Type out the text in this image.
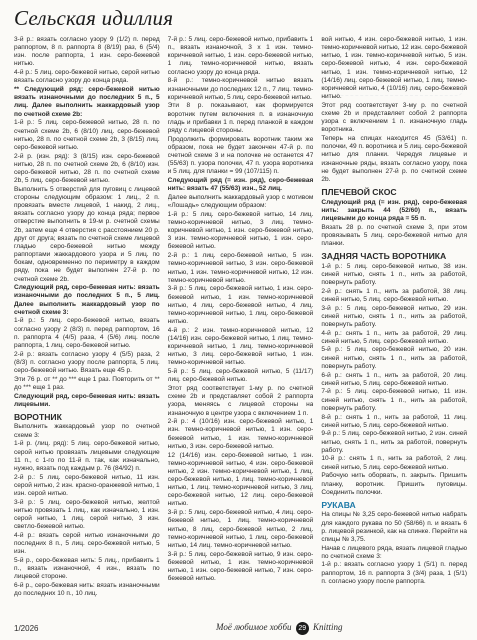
Сельская идиллия

3-й р.: вязать согласно узору 9 (1/2) п. перед раппортом, 8 п. раппорта 8 (8/19) раз, 6 (5/4) изн. после раппорта, 1 изн. серо-бежевой нитью.

4-й р.: 5 лиц. серо-бежевой нитью, серой нитью вязать согласно узору до конца ряда.

** Следующий ряд: серо-бежевой нитью вязать изнаночными до последних 5 п., 5 лиц. Далее выполнить жаккардовый узор по счетной схеме 2b:

1-й р.: 5 лиц. серо-бежевой нитью, 28 п. по счетной схеме 2b, 6 (8/10) лиц. серо-бежевой нитью, 28 п. по счетной схеме 2b, 3 (8/15) лиц. серо-бежевой нитью.

2-й р. (изн. ряд): 3 (8/15) изн. серо-бежевой нитью, 28 п. по счетной схеме 2b, 6 (8/10) изн. серо-бежевой нитью, 28 п. по счетной схеме 2b, 5 лиц. серо-бежевой нитью.

Выполнить 5 отверстий для пуговиц с лицевой стороны следующим образом: 1 лиц., 2 п. провязать вместе лицевой, 1 накид, 2 лиц., вязать согласно узору до конца ряда; первое отверстие выполнить в 19-м р. счетной схемы 2b, затем еще 4 отверстия с расстоянием 20 р. друг от друга; вязать по счетной схеме лицевой гладью серо-бежевой нитью между раппортами жаккардового узора и 5 лиц. по бокам, одновременно по периметру в каждом ряду, пока не будет выполнен 27-й р. по счетной схеме 2b.

Следующий ряд, серо-бежевая нить: вязать изнаночными до последних 5 п., 5 лиц. Далее выполнить жаккардовый узор по счетной схеме 3:

1-й р.: 5 лиц. серо-бежевой нитью, вязать согласно узору 2 (8/3) п. перед раппортом, 16 п. раппорта 4 (4/5) раза, 4 (5/6) лиц. после раппорта, 1 лиц. серо-бежевой нитью.

2-й р.: вязать согласно узору 4 (5/5) раза, 2 (8/3) п. согласно узору после раппорта, 5 лиц. серо-бежевой нитью. Вязать еще 45 р.

Эти 76 р. от ** до *** еще 1 раз. Повторить от ** до *** еще 1 раз.

Следующий ряд, серо-бежевая нить: вязать лицевыми.

ВОРОТНИК

Выполнить жаккардовый узор по счетной схеме 3:

1-й р. (лиц. ряд): 5 лиц. серо-бежевой нитью, серой нитью провязать лицевыми следующие 11 п., с 1-го по 11-й п. так, как изначально, нужно, вязать под каждым р. 76 (84/92) п.

2-й р.: 5 лиц. серо-бежевой нитью, 11 изн. серой нитью, 2 изн. красно-оранжевой нитью, 1 изн. серой нитью.

3-й р.: 5 лиц. серо-бежевой нитью, желтой нитью провязать 1 лиц., как изначально, 1 изн. серой нитью, 1 лиц. серой нитью, 3 изн. светло-бежевой нитью.

4-й р.: вязать серой нитью изнаночными до последних 8 п., 5 лиц. серо-бежевой нитью, 5 изн.

5-й р., серо-бежевая нить: 5 лиц., прибавить 1 п., вязать изнаночной, 4 изн., вязать по лицевой стороне.

6-й р., серо-бежевая нить: вязать изнаночными до последних 10 п., 10 лиц.

7-й р.: 5 лиц. серо-бежевой нитью, прибавить 1 п., вязать изнаночной, 3 х 1 изн. темно-коричневой нитью, 1 изн. серо-бежевой нитью, 1 лиц. темно-коричневой нитью, вязать согласно узору до конца ряда.

8-й р.: темно-коричневой нитью вязать изнаночными до последних 12 п., 7 лиц. темно-коричневой нитью, 5 лиц. серо-бежевой нитью.

Эти 8 р. показывают, как формируется воротник путем включения п. в изнаночную гладь и прибавки 1 п. перед планкой в каждом ряду с лицевой стороны.

Продолжить формировать воротник таким же образом, пока не будет закончен 47-й р. по счетной схеме 3 и на полочке не останется 47 (55/63) п. узора полочки, 47 п. узора воротника и 5 лиц. для планки = 99 (107/115) п.

Следующий ряд (= изн. ряд), серо-бежевая нить: вязать 47 (55/63) изн., 52 лиц.

Далее выполнить жаккардовый узор с мотивом «Лошадь» следующим образом:

1-й р.: 5 лиц. серо-бежевой нитью, 14 лиц. темно-коричневой нитью, 3 лиц. темно-коричневой нитью, 1 изн. серо-бежевой нитью, 3 изн. темно-коричневой нитью, 1 изн. серо-бежевой нитью.

2-й р.: 1 лиц. серо-бежевой нитью, 5 изн. темно-коричневой нитью, 3 изн. серо-бежевой нитью, 1 изн. темно-коричневой нитью, 12 изн. темно-коричневой нитью.

3-й р.: 5 лиц. серо-бежевой нитью, 1 изн. серо-бежевой нитью, 1 изн. темно-коричневой нитью, 4 лиц. серо-бежевой нитью, 4 лиц. темно-коричневой нитью, 1 лиц. серо-бежевой нитью.

4-й р.: 2 изн. темно-коричневой нитью, 12 (14/16) изн. серо-бежевой нитью, 1 лиц. темно-коричневой нитью, 1 лиц. темно-коричневой нитью, 3 лиц. серо-бежевой нитью, 1 изн. темно-коричневой нитью.

5-й р.: 5 лиц. серо-бежевой нитью, 5 (11/17) лиц. серо-бежевой нитью.

Этот ряд соответствует 1-му р. по счетной схеме 2b и представляет собой 2 раппорта узора, меняясь с лицевой стороны на изнаночную в центре узора с включением 1 п.

2-й р.: 4 (10/16) изн. серо-бежевой нитью, 1 изн. темно-коричневой нитью, 1 изн. серо-бежевой нитью, 1 изн. темно-коричневой нитью, 3 изн. серо-бежевой нитью.

12 (14/16) изн. серо-бежевой нитью, 1 изн. темно-коричневой нитью, 4 изн. серо-бежевой нитью, 2 изн. темно-коричневой нитью, 1 лиц. серо-бежевой нитью, 1 лиц. темно-коричневой нитью, 1 лиц. темно-коричневой нитью, 3 лиц. серо-бежевой нитью, 12 лиц. серо-бежевой нитью.

3-й р.: 5 лиц. серо-бежевой нитью, 4 лиц. серо-бежевой нитью, 1 лиц. темно-коричневой нитью, 8 лиц. серо-бежевой нитью, 2 лиц. темно-коричневой нитью, 1 лиц. серо-бежевой нитью, 14 лиц. темно-коричневой нитью.

3-й р.: 5 лиц. серо-бежевой нитью, 9 изн. серо-бежевой нитью, 1 изн. темно-коричневой нитью, 1 изн. серо-бежевой нитью, 7 изн. серо-бежевой нитью.

вой нитью, 4 изн. серо-бежевой нитью, 1 изн. темно-коричневой нитью, 12 изн. серо-бежевой нитью, 1 изн. темно-коричневой нитью, 5 изн. серо-бежевой нитью, 4 изн. серо-бежевой нитью, 1 изн. темно-коричневой нитью, 12 (14/16) лиц. серо-бежевой нитью, 1 лиц. темно-коричневой нитью, 4 (10/16) лиц. серо-бежевой нитью.

Этот ряд соответствует 3-му р. по счетной схеме 2b и представляет собой 2 раппорта узора с включением 1 п. изнаночную гладь воротника.

Теперь на спицах находится 45 (53/61) п. полочки, 49 п. воротника и 5 лиц. серо-бежевой нитью для планки. Чередуя лицевые и изнаночные ряды, вязать согласно узору, пока не будет выполнен 27-й р. по счетной схеме 2b.

ПЛЕЧЕВОЙ СКОС

Следующий ряд (= изн. ряд), серо-бежевая нить: закрыть 44 (52/60) п., вязать лицевыми до конца ряда = 55 п.

Вязать 28 р. по счетной схеме 3, при этом провязывать 5 лиц. серо-бежевой нитью для планки.

ЗАДНЯЯ ЧАСТЬ ВОРОТНИКА

1-й р.: 5 лиц. серо-бежевой нитью, 38 изн. синей нитью, снять 1 п., нить за работой, повернуть работу.

2-й р.: снять 1 п., нить за работой, 38 лиц. синей нитью, 5 лиц. серо-бежевой нитью.

3-й р.: 5 лиц. серо-бежевой нитью, 29 изн. синей нитью, снять 1 п., нить за работой, повернуть работу.

4-й р.: снять 1 п., нить за работой, 29 лиц. синей нитью, 5 лиц. серо-бежевой нитью.

5-й р.: 5 лиц. серо-бежевой нитью, 20 изн. синей нитью, снять 1 п., нить за работой, повернуть работу.

6-й р.: снять 1 п., нить за работой, 20 лиц. синей нитью, 5 лиц. серо-бежевой нитью.

7-й р.: 5 лиц. серо-бежевой нитью, 11 изн. синей нитью, снять 1 п., нить за работой, повернуть работу.

8-й р.: снять 1 п., нить за работой, 11 лиц. синей нитью, 5 лиц. серо-бежевой нитью.

9-й р.: 5 лиц. серо-бежевой нитью, 2 изн. синей нитью, снять 1 п., нить за работой, повернуть работу.

10-й р.: снять 1 п., нить за работой, 2 лиц. синей нитью, 5 лиц. серо-бежевой нитью.

Рабочую нить оборвать, п. закрыть. Пришить планку, воротник. Пришить пуговицы. Соединить полочки.

РУКАВА

На спицы № 3,25 серо-бежевой нитью набрать для каждого рукава по 50 (58/66) п. и вязать 6 р. лицевой резинкой, как на спинке. Перейти на спицы № 3,75.

Начав с лицевого ряда, вязать лицевой гладью по счетной схеме 3:

1-й р.: вязать согласно узору 1 (5/1) п. перед раппортом, 16 п. раппорта 3 (3/4) раза, 1 (5/1) п. согласно узору после раппорта.

1/2026	Моё любимое хобби 29 Knitting
